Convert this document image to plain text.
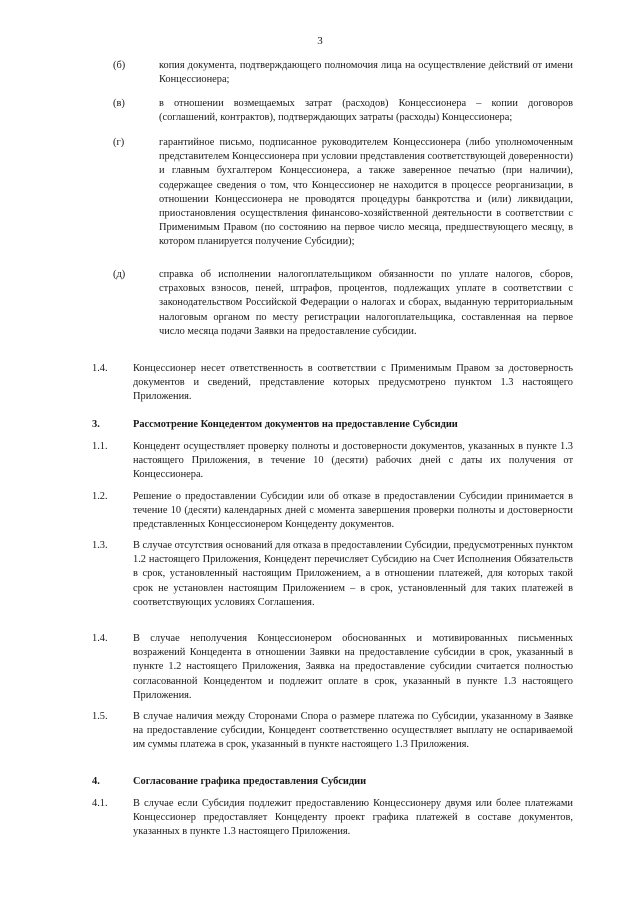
3
(б)	копия документа, подтверждающего полномочия лица на осуществление действий от имени Концессионера;
(в)	в отношении возмещаемых затрат (расходов) Концессионера – копии договоров (соглашений, контрактов), подтверждающих затраты (расходы) Концессионера;
(г)	гарантийное письмо, подписанное руководителем Концессионера (либо уполномоченным представителем Концессионера при условии представления соответствующей доверенности) и главным бухгалтером Концессионера, а также заверенное печатью (при наличии), содержащее сведения о том, что Концессионер не находится в процессе реорганизации, в отношении Концессионера не проводятся процедуры банкротства и (или) ликвидации, приостановления осуществления финансово-хозяйственной деятельности в соответствии с Применимым Правом (по состоянию на первое число месяца, предшествующего месяцу, в котором планируется получение Субсидии);
(д)	справка об исполнении налогоплательщиком обязанности по уплате налогов, сборов, страховых взносов, пеней, штрафов, процентов, подлежащих уплате в соответствии с законодательством Российской Федерации о налогах и сборах, выданную территориальным налоговым органом по месту регистрации налогоплательщика, составленная на первое число месяца подачи Заявки на предоставление субсидии.
1.4.	Концессионер несет ответственность в соответствии с Применимым Правом за достоверность документов и сведений, представление которых предусмотрено пунктом 1.3 настоящего Приложения.
3.	Рассмотрение Концедентом документов на предоставление Субсидии
1.1.	Концедент осуществляет проверку полноты и достоверности документов, указанных в пункте 1.3 настоящего Приложения, в течение 10 (десяти) рабочих дней с даты их получения от Концессионера.
1.2.	Решение о предоставлении Субсидии или об отказе в предоставлении Субсидии принимается в течение 10 (десяти) календарных дней с момента завершения проверки полноты и достоверности представленных Концессионером Концеденту документов.
1.3.	В случае отсутствия оснований для отказа в предоставлении Субсидии, предусмотренных пунктом 1.2 настоящего Приложения, Концедент перечисляет Субсидию на Счет Исполнения Обязательств в срок, установленный настоящим Приложением, а в отношении платежей, для которых такой срок не установлен настоящим Приложением – в срок, установленный для таких платежей в соответствующих условиях Соглашения.
1.4.	В случае неполучения Концессионером обоснованных и мотивированных письменных возражений Концедента в отношении Заявки на предоставление субсидии в срок, указанный в пункте 1.2 настоящего Приложения, Заявка на предоставление субсидии считается полностью согласованной Концедентом и подлежит оплате в срок, указанный в пункте 1.3 настоящего Приложения.
1.5.	В случае наличия между Сторонами Спора о размере платежа по Субсидии, указанному в Заявке на предоставление субсидии, Концедент соответственно осуществляет выплату не оспариваемой им суммы платежа в срок, указанный в пункте настоящего 1.3 Приложения.
4.	Согласование графика предоставления Субсидии
4.1.	В случае если Субсидия подлежит предоставлению Концессионеру двумя или более платежами Концессионер предоставляет Концеденту проект графика платежей в составе документов, указанных в пункте 1.3 настоящего Приложения.
